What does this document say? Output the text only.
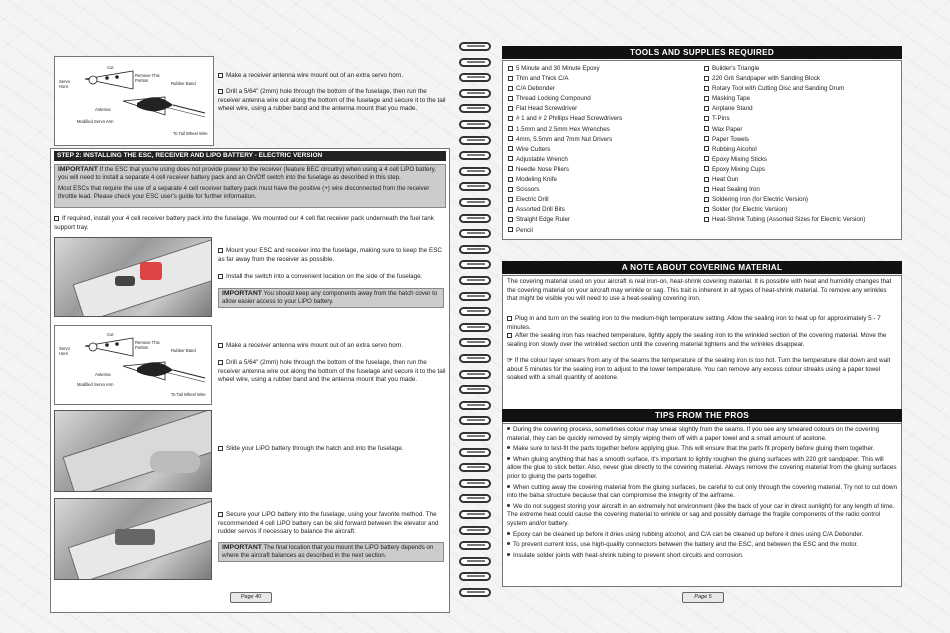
Cut
Servo
Horn
Remove This
Portion
Rubber Band
Antenna
Modified Servo Arm
To Tail Wheel Wire
Make a receiver antenna wire mount out of an extra servo horn.
Drill a 5/64" (2mm) hole through the bottom of the fuselage, then run the receiver antenna wire out along the bottom of the fuselage and secure it to the tail wheel wire, using a rubber band and the antenna mount that you made.
STEP 2: INSTALLING THE ESC, RECEIVER AND LIPO BATTERY - ELECTRIC VERSION
IMPORTANT If the ESC that you're using does not provide power to the receiver (feature BEC circuitry) when using a 4 cell LiPO battery, you will need to install a separate 4 cell receiver battery pack and an On/Off switch into the fuselage as described in this step.

Most ESCs that require the use of a separate 4 cell receiver battery pack must have the positive (+) wire disconnected from the receiver throttle lead. Please check your ESC user's guide for further information.
If required, install your 4 cell receiver battery pack into the fuselage. We mounted our 4 cell flat receiver pack underneath the fuel tank support tray.
Mount your ESC and receiver into the fuselage, making sure to keep the ESC as far away from the receiver as possible.
Install the switch into a convenient location on the side of the fuselage.
IMPORTANT You should keep any components away from the hatch cover to allow easier access to your LiPO battery.
Cut
Servo
Horn
Remove This
Portion
Rubber Band
Antenna
Modified Servo Arm
To Tail Wheel Wire
Make a receiver antenna wire mount out of an extra servo horn.
Drill a 5/64" (2mm) hole through the bottom of the fuselage, then run the receiver antenna wire out along the bottom of the fuselage and secure it to the tail wheel wire, using a rubber band and the antenna mount that you made.
Slide your LiPO battery through the hatch and into the fuselage.
Secure your LiPO battery into the fuselage, using your favorite method. The recommended 4 cell LiPO battery can be slid forward between the elevator and rudder servos if necessary to balance the aircraft.
IMPORTANT The final location that you mount the LiPO battery depends on where the aircraft balances as described in the next section.
Page 40
TOOLS AND SUPPLIES REQUIRED
5 Minute and 30 Minute Epoxy
Thin and Thick C/A
C/A Debonder
Thread Locking Compound
Flat Head Screwdriver
# 1 and # 2 Phillips Head Screwdrivers
1.5mm and 2.5mm Hex Wrenches
4mm, 5.5mm and 7mm Nut Drivers
Wire Cutters
Adjustable Wrench
Needle Nose Pliers
Modeling Knife
Scissors
Electric Drill
Assorted Drill Bits
Straight Edge Ruler
Pencil
Builder's Triangle
220 Grit Sandpaper with Sanding Block
Rotary Tool with Cutting Disc and Sanding Drum
Masking Tape
Airplane Stand
T-Pins
Wax Paper
Paper Towels
Rubbing Alcohol
Epoxy Mixing Sticks
Epoxy Mixing Cups
Heat Gun
Heat Sealing Iron
Soldering Iron (for Electric Version)
Solder (for Electric Version)
Heat-Shrink Tubing (Assorted Sizes for Electric Version)
A NOTE ABOUT COVERING MATERIAL
The covering material used on your aircraft is real iron-on, heat-shrink covering material. It is possible with heat and humidity changes that the covering material on your aircraft may wrinkle or sag. This trait is inherent in all types of heat-shrink material. To remove any wrinkles that might be visible you will need to use a heat-sealing covering iron.
Plug in and turn on the sealing iron to the medium-high temperature setting. Allow the sealing iron to heat up for approximately 5 - 7 minutes.
After the sealing iron has reached temperature, lightly apply the sealing iron to the wrinkled section of the covering material. Move the sealing iron slowly over the wrinkled section until the covering material tightens and the wrinkles disappear.
☞ If the colour layer smears from any of the seams the temperature of the sealing iron is too hot. Turn the temperature dial down and wait about 5 minutes for the sealing iron to adjust to the lower temperature. You can remove any excess colour streaks using a paper towel soaked with a small quantity of acetone.
TIPS FROM THE PROS
During the covering process, sometimes colour may smear slightly from the seams. If you see any smeared colours on the covering material, they can be quickly removed by simply wiping them off with a paper towel and a small amount of acetone.
Make sure to test-fit the parts together before applying glue. This will ensure that the parts fit properly before gluing them together.
When gluing anything that has a smooth surface, it's important to lightly roughen the gluing surfaces with 220 grit sandpaper. This will allow the glue to stick better. Also, never glue directly to the covering material. Always remove the covering material from the gluing surfaces prior to gluing the parts together.
When cutting away the covering material from the gluing surfaces, be careful to cut only through the covering material. Try not to cut down into the balsa structure because that can compromise the integrity of the airframe.
We do not suggest storing your aircraft in an extremely hot environment (like the back of your car in direct sunlight) for any length of time. The extreme heat could cause the covering material to wrinkle or sag and possibly damage the fragile components of the radio control system and/or battery.
Epoxy can be cleaned up before it dries using rubbing alcohol, and C/A can be cleaned up before it dries using C/A Debonder.
To prevent current loss, use high-quality connectors between the battery and the ESC, and between the ESC and the motor.
Insulate solder joints with heat-shrink tubing to prevent short circuits and corrosion.
Page 5
